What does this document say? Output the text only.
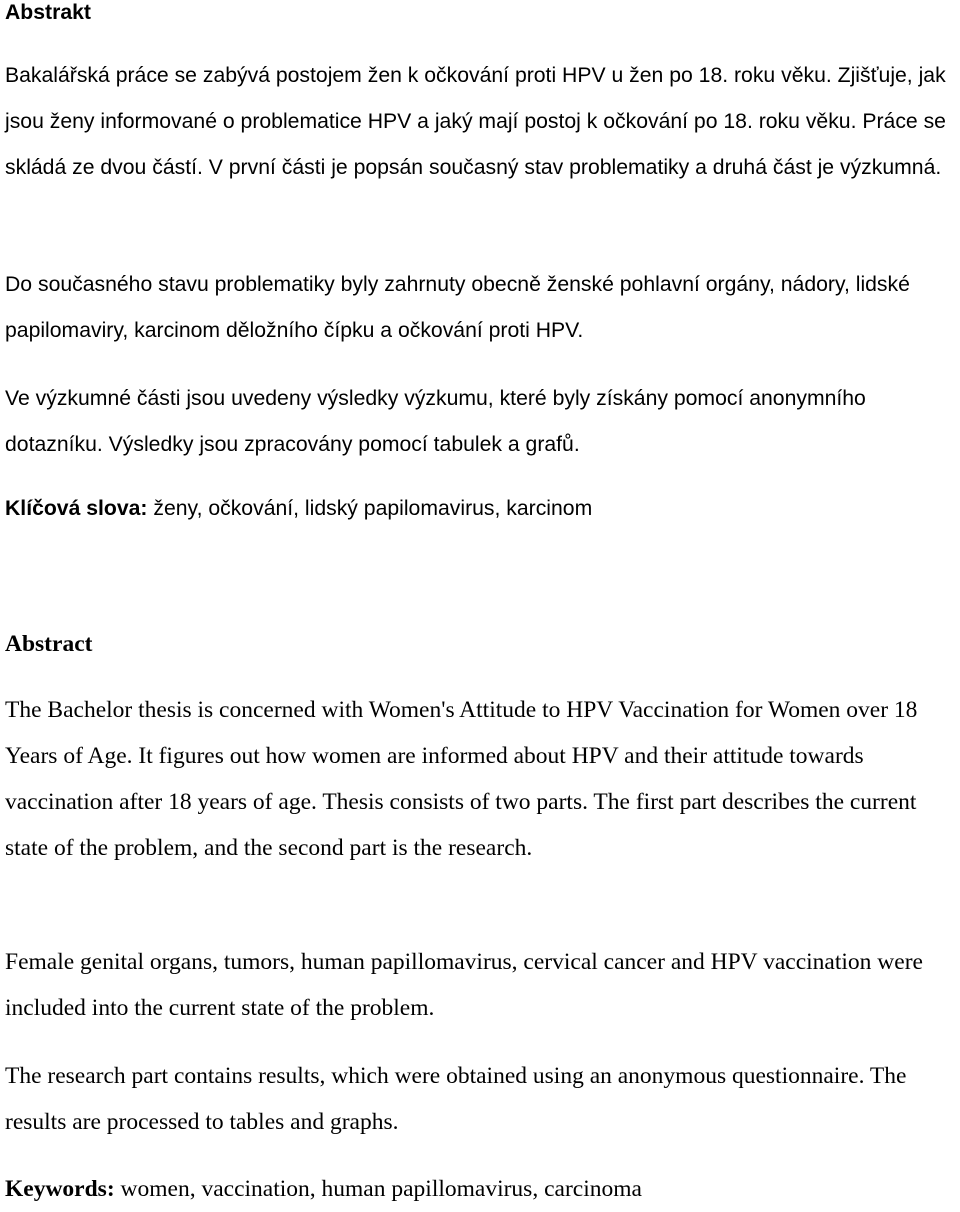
Abstrakt

Bakalářská práce se zabývá postojem žen k očkování proti HPV u žen po 18. roku věku. Zjišťuje, jak jsou ženy informované o problematice HPV a jaký mají postoj k očkování po 18. roku věku. Práce se skládá ze dvou částí. V první části je popsán současný stav problematiky a druhá část je výzkumná.

Do současného stavu problematiky byly zahrnuty obecně ženské pohlavní orgány, nádory, lidské papilomaviry, karcinom děložního čípku a očkování proti HPV.

Ve výzkumné části jsou uvedeny výsledky výzkumu, které byly získány pomocí anonymního dotazníku. Výsledky jsou zpracovány pomocí tabulek a grafů.

Klíčová slova: ženy, očkování, lidský papilomavirus, karcinom
Abstract

The Bachelor thesis is concerned with Women's Attitude to HPV Vaccination for Women over 18 Years of Age. It figures out how women are informed about HPV and their attitude towards vaccination after 18 years of age. Thesis consists of two parts. The first part describes the current state of the problem, and the second part is the research.

Female genital organs, tumors, human papillomavirus, cervical cancer and HPV vaccination were included into the current state of the problem.

The research part contains results, which were obtained using an anonymous questionnaire. The results are processed to tables and graphs.

Keywords: women, vaccination, human papillomavirus, carcinoma
